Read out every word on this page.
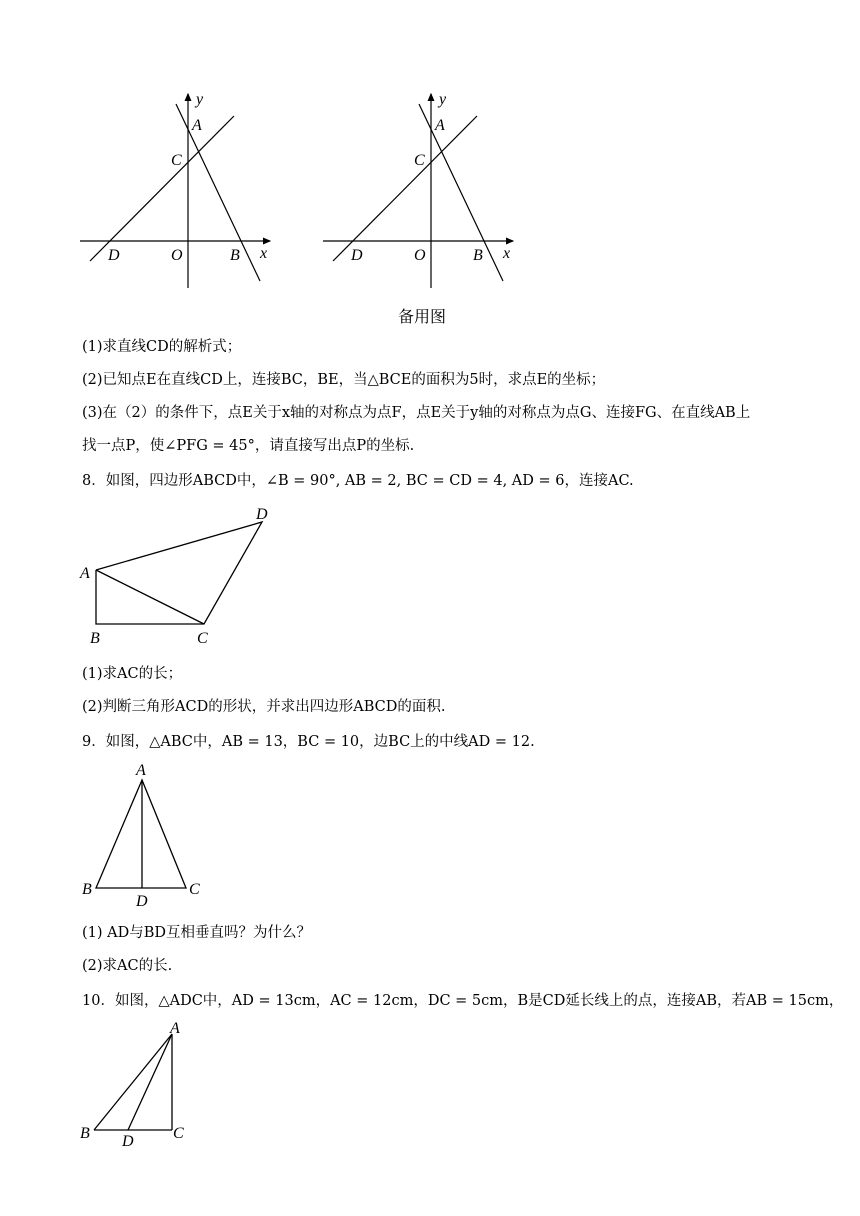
y
A
C
D	O	B x
y
A
C
D	O	B x
备用图
(1)求直线CD的解析式；
(2)已知点E在直线CD上，连接BC，BE，当△BCE的面积为5时，求点E的坐标；
(3)在（2）的条件下，点E关于x轴的对称点为点F，点E关于y轴的对称点为点G、连接FG、在直线AB上
找一点P，使∠PFG = 45°，请直接写出点P的坐标.
8．如图，四边形ABCD中，∠B = 90°, AB = 2, BC = CD = 4, AD = 6，连接AC.
A
B	C
D
(1)求AC的长；
(2)判断三角形ACD的形状，并求出四边形ABCD的面积.
9．如图，△ABC中，AB = 13，BC = 10，边BC上的中线AD = 12.
A
B	C
D
(1) AD与BD互相垂直吗？为什么？
(2)求AC的长.
10．如图，△ADC中，AD = 13cm，AC = 12cm，DC = 5cm，B是CD延长线上的点，连接AB，若AB = 15cm，
A
B D C
